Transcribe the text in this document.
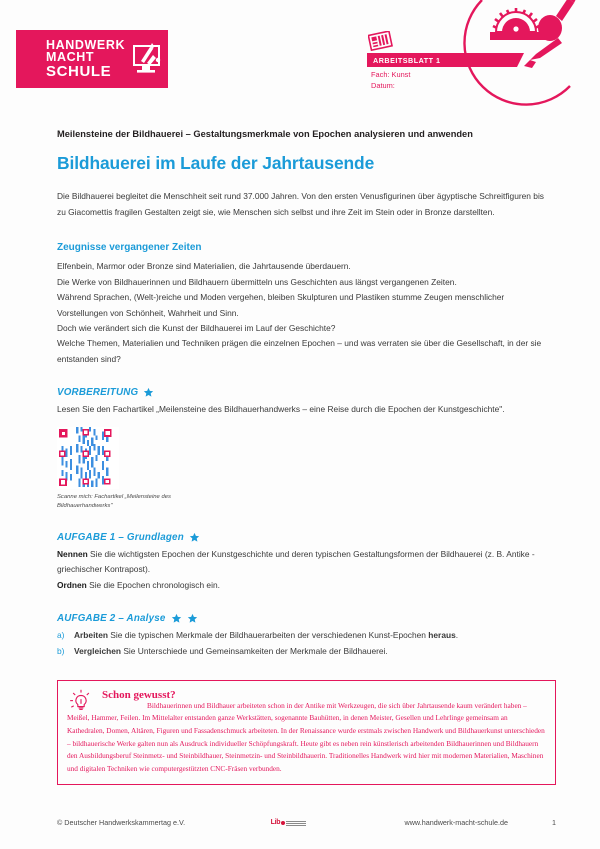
HANDWERK
MACHT
SCHULE
ARBEITSBLATT 1
Fach: Kunst
Datum:
Meilensteine der Bildhauerei – Gestaltungsmerkmale von Epochen analysieren und anwenden
Bildhauerei im Laufe der Jahrtausende

Die Bildhauerei begleitet die Menschheit seit rund 37.000 Jahren. Von den ersten Venusfigurinen über ägyptische Schreitfiguren bis zu Giacomettis fragilen Gestalten zeigt sie, wie Menschen sich selbst und ihre Zeit im Stein oder in Bronze darstellten.

Zeugnisse vergangener Zeiten

Elfenbein, Marmor oder Bronze sind Materialien, die Jahrtausende überdauern.

Die Werke von Bildhauerinnen und Bildhauern übermitteln uns Geschichten aus längst vergangenen Zeiten.

Während Sprachen, (Welt-)reiche und Moden vergehen, bleiben Skulpturen und Plastiken stumme Zeugen menschlicher Vorstellungen von Schönheit, Wahrheit und Sinn.

Doch wie verändert sich die Kunst der Bildhauerei im Lauf der Geschichte?

Welche Themen, Materialien und Techniken prägen die einzelnen Epochen – und was verraten sie über die Gesellschaft, in der sie entstanden sind?

VORBEREITUNG

Lesen Sie den Fachartikel „Meilensteine des Bildhauerhandwerks – eine Reise durch die Epochen der Kunstgeschichte".

Scanne mich: Fachartikel „Meilensteine des Bildhauerhandwerks"
AUFGABE 1 – Grundlagen

Nennen Sie die wichtigsten Epochen der Kunstgeschichte und deren typischen Gestaltungsformen der Bildhauerei (z. B. Antike - griechischer Kontrapost).

Ordnen Sie die Epochen chronologisch ein.

AUFGABE 2 – Analyse
a)	Arbeiten Sie die typischen Merkmale der Bildhauerarbeiten der verschiedenen Kunst-Epochen heraus.
b)	Vergleichen Sie Unterschiede und Gemeinsamkeiten der Merkmale der Bildhauerei.
Schon gewusst?

Bildhauerinnen und Bildhauer arbeiteten schon in der Antike mit Werkzeugen, die sich über Jahrtausende kaum verändert haben – Meißel, Hammer, Feilen. Im Mittelalter entstanden ganze Werkstätten, sogenannte Bauhütten, in denen Meister, Gesellen und Lehrlinge gemeinsam an Kathedralen, Domen, Altären, Figuren und Fassadenschmuck arbeiteten. In der Renaissance wurde erstmals zwischen Handwerk und Bildhauerkunst unterschieden – bildhauerische Werke galten nun als Ausdruck individueller Schöpfungskraft. Heute gibt es neben rein künstlerisch arbeitenden Bildhauerinnen und Bildhauern den Ausbildungsberuf Steinmetz- und Steinbildhauer, Steinmetzin- und Steinbildhauerin. Traditionelles Handwerk wird hier mit modernen Materialien, Maschinen und digitalen Techniken wie computergestützten CNC-Fräsen verbunden.

© Deutscher Handwerkskammertag e.V.	Lib	www.handwerk-macht-schule.de	1
